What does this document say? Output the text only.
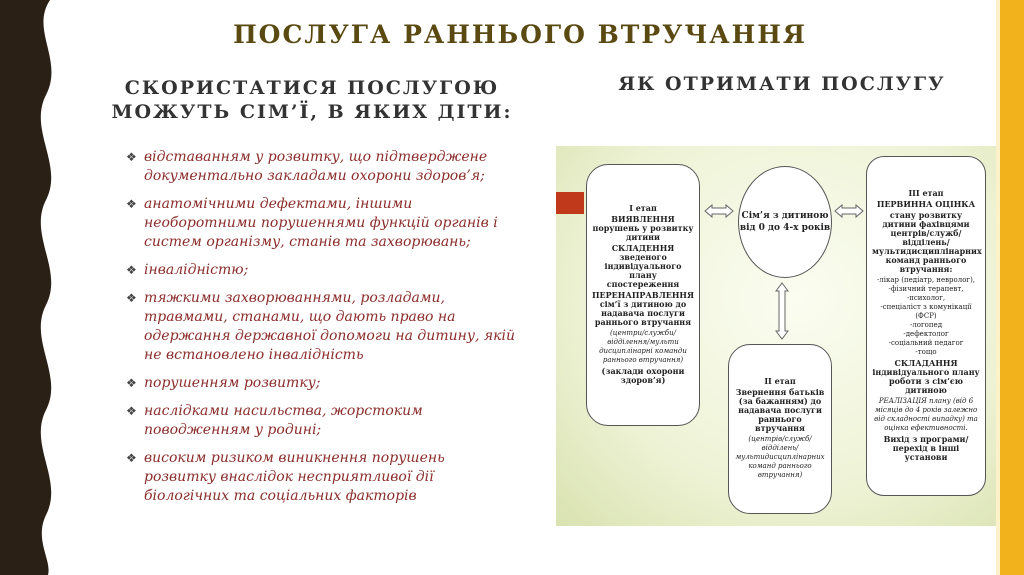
ПОСЛУГА РАННЬОГО ВТРУЧАННЯ
СКОРИСТАТИСЯ ПОСЛУГОЮ
МОЖУТЬ СІМ’Ї, В ЯКИХ ДІТИ:
ЯК ОТРИМАТИ ПОСЛУГУ
❖ відставанням у розвитку, що підтверджене документально закладами охорони здоров’я;
❖ анатомічними дефектами, іншими необоротними порушеннями функцій органів і систем організму, станів та захворювань;
❖ інвалідністю;
❖ тяжкими захворюваннями, розладами, травмами, станами, що дають право на одержання державної допомоги на дитину, якій не встановлено інвалідність
❖ порушенням розвитку;
❖ наслідками насильства, жорстоким поводженням у родині;
❖ високим ризиком виникнення порушень розвитку внаслідок несприятливої дії біологічних та соціальних факторів

І етап

ВИЯВЛЕННЯ порушень у розвитку дитини

СКЛАДЕННЯ зведеного індивідуального плану спостереження

ПЕРЕНАПРАВЛЕННЯ сім’ї з дитиною до надавача послуги раннього втручання

(центри/служби/відділення/мульти дисциплінарні команди раннього втручання)

(заклади охорони здоров’я)

Сім’я з дитиною від 0 до 4-х років

ІІ етап

Звернення батьків (за бажанням) до надавача послуги раннього втручання

(центрів/служб/ відділень/мультидисциплінарних команд раннього втручання)

ІІІ етап

ПЕРВИННА ОЦІНКА

стану розвитку дитини фахівцями центрів/служб/відділень/ мультидисциплінарних команд раннього втручання:

-лікар (педіатр, невролог),

-фізичний терапевт,

-психолог,

-спеціаліст з комунікації (ФСР)

-логопед

-дефектолог

-соціальний педагог

-тощо

СКЛАДАННЯ індивідуального плану роботи з сім’єю дитиною

РЕАЛІЗАЦІЯ плану (від 6 місяців до 4 років залежно від складності випадку) та оцінка ефективності.

Вихід з програми/перехід в інші установи
